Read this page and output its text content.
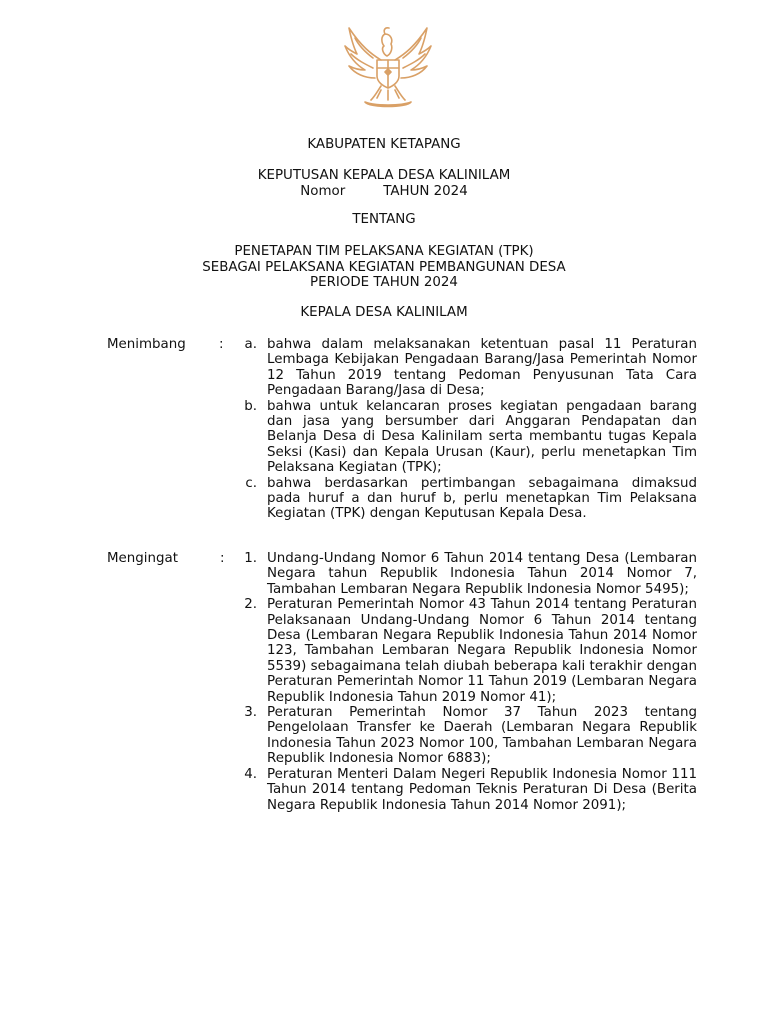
KABUPATEN KETAPANG
KEPUTUSAN KEPALA DESA KALINILAM
Nomor	TAHUN 2024
TENTANG
PENETAPAN TIM PELAKSANA KEGIATAN (TPK)
SEBAGAI PELAKSANA KEGIATAN PEMBANGUNAN DESA
PERIODE TAHUN 2024
KEPALA DESA KALINILAM
Menimbang	:	a. bahwa dalam melaksanakan ketentuan pasal 11 Peraturan Lembaga Kebijakan Pengadaan Barang/Jasa Pemerintah Nomor 12 Tahun 2019 tentang Pedoman Penyusunan Tata Cara Pengadaan Barang/Jasa di Desa;
b. bahwa untuk kelancaran proses kegiatan pengadaan barang dan jasa yang bersumber dari Anggaran Pendapatan dan Belanja Desa di Desa Kalinilam serta membantu tugas Kepala Seksi (Kasi) dan Kepala Urusan (Kaur), perlu menetapkan Tim Pelaksana Kegiatan (TPK);
c. bahwa berdasarkan pertimbangan sebagaimana dimaksud pada huruf a dan huruf b, perlu menetapkan Tim Pelaksana Kegiatan (TPK) dengan Keputusan Kepala Desa.
Mengingat	:	1. Undang-Undang Nomor 6 Tahun 2014 tentang Desa (Lembaran Negara tahun Republik Indonesia Tahun 2014 Nomor 7, Tambahan Lembaran Negara Republik Indonesia Nomor 5495);
2. Peraturan Pemerintah Nomor 43 Tahun 2014 tentang Peraturan Pelaksanaan Undang-Undang Nomor 6 Tahun 2014 tentang Desa (Lembaran Negara Republik Indonesia Tahun 2014 Nomor 123, Tambahan Lembaran Negara Republik Indonesia Nomor 5539) sebagaimana telah diubah beberapa kali terakhir dengan Peraturan Pemerintah Nomor 11 Tahun 2019 (Lembaran Negara Republik Indonesia Tahun 2019 Nomor 41);
3. Peraturan Pemerintah Nomor 37 Tahun 2023 tentang Pengelolaan Transfer ke Daerah (Lembaran Negara Republik Indonesia Tahun 2023 Nomor 100, Tambahan Lembaran Negara Republik Indonesia Nomor 6883);
4. Peraturan Menteri Dalam Negeri Republik Indonesia Nomor 111 Tahun 2014 tentang Pedoman Teknis Peraturan Di Desa (Berita Negara Republik Indonesia Tahun 2014 Nomor 2091);
